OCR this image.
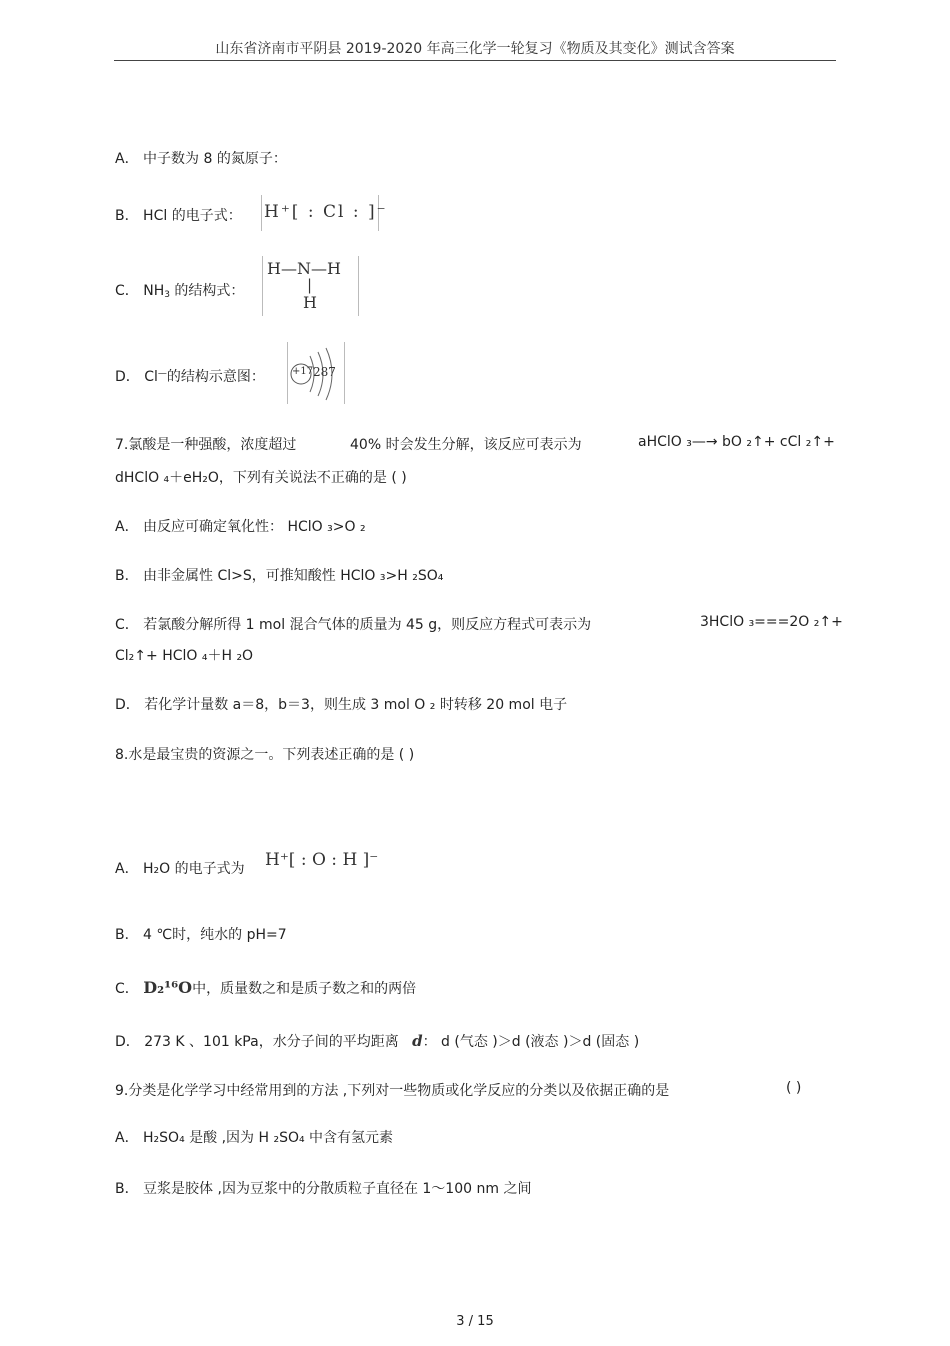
山东省济南市平阴县 2019-2020 年高三化学一轮复习《物质及其变化》测试含答案
A． 中子数为 8 的氮原子：
B． HCl 的电子式： H⁺[ : Cl : ]⁻
C． $NH_3$ 的结构式：
H—N—H
|
H
D． Cl—的结构示意图：	+17 287
7.氯酸是一种强酸，浓度超过	40% 时会发生分解，该反应可表示为	aHClO ₃—→ bO ₂↑+ cCl ₂↑+
dHClO ₄＋eH₂O，下列有关说法不正确的是 ( )
A． 由反应可确定氧化性： HClO ₃>O ₂
B． 由非金属性 Cl>S，可推知酸性 HClO ₃>H ₂SO₄
C． 若氯酸分解所得 1 mol 混合气体的质量为 45 g，则反应方程式可表示为	3HClO ₃===2O ₂↑+
Cl₂↑+ HClO ₄＋H ₂O
D． 若化学计量数 a＝8，b＝3，则生成 3 mol O ₂ 时转移 20 mol 电子
8.水是最宝贵的资源之一。下列表述正确的是 ( )
A． H₂O 的电子式为 H⁺[ : O : H ]⁻
B． 4 ℃时，纯水的 pH=7
C． D₂¹⁶O中，质量数之和是质子数之和的两倍
D． 273 K 、101 kPa，水分子间的平均距离 d： d (气态 )＞d (液态 )＞d (固态 )
9.分类是化学学习中经常用到的方法 ,下列对一些物质或化学反应的分类以及依据正确的是	( )
A． H₂SO₄ 是酸 ,因为 H ₂SO₄ 中含有氢元素
B． 豆浆是胶体 ,因为豆浆中的分散质粒子直径在 1～100 nm 之间
3 / 15
